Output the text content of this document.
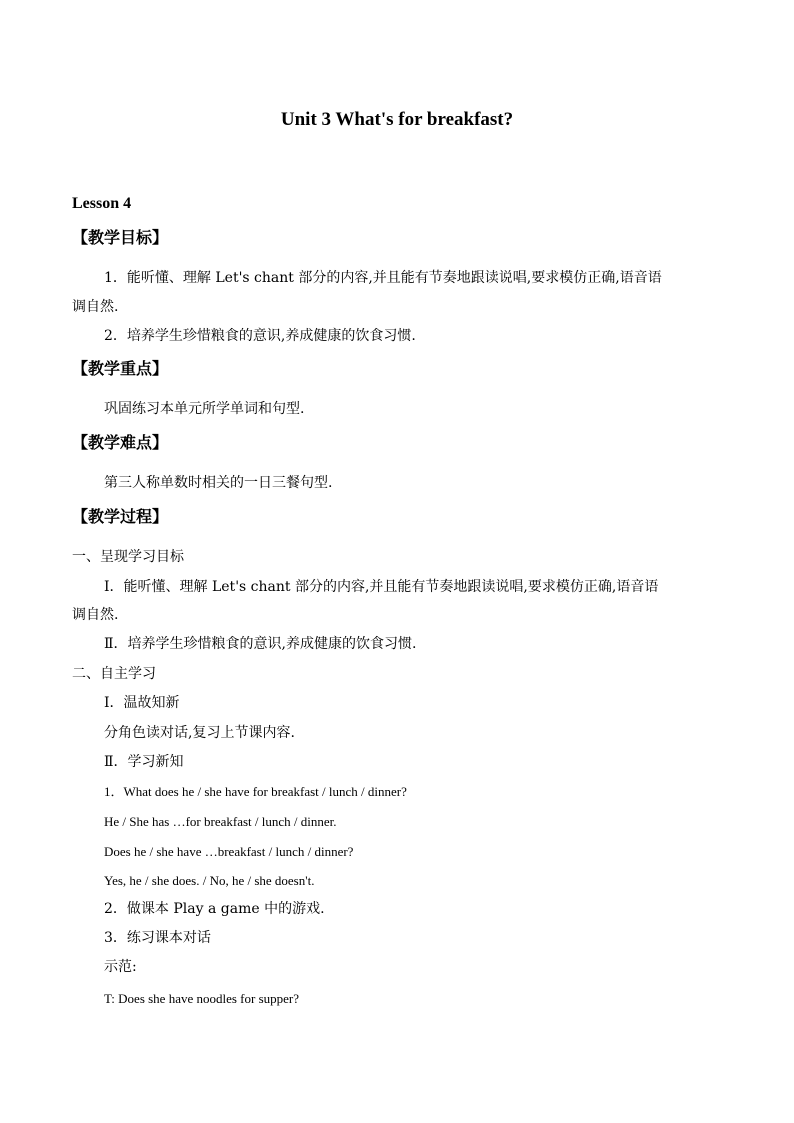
Unit 3 What's for breakfast?
Lesson 4
【教学目标】
1．能听懂、理解 Let's chant 部分的内容,并且能有节奏地跟读说唱,要求模仿正确,语音语
调自然.
2．培养学生珍惜粮食的意识,养成健康的饮食习惯.
【教学重点】
巩固练习本单元所学单词和句型.
【教学难点】
第三人称单数时相关的一日三餐句型.
【教学过程】
一、呈现学习目标
Ⅰ．能听懂、理解 Let's chant 部分的内容,并且能有节奏地跟读说唱,要求模仿正确,语音语
调自然.
Ⅱ．培养学生珍惜粮食的意识,养成健康的饮食习惯.
二、自主学习
Ⅰ．温故知新
分角色读对话,复习上节课内容.
Ⅱ．学习新知
1．What does he / she have for breakfast / lunch / dinner?
He / She has …for breakfast / lunch / dinner.
Does he / she have …breakfast / lunch / dinner?
Yes, he / she does. / No, he / she doesn't.
2．做课本 Play a game 中的游戏.
3．练习课本对话
示范:
T: Does she have noodles for supper?
